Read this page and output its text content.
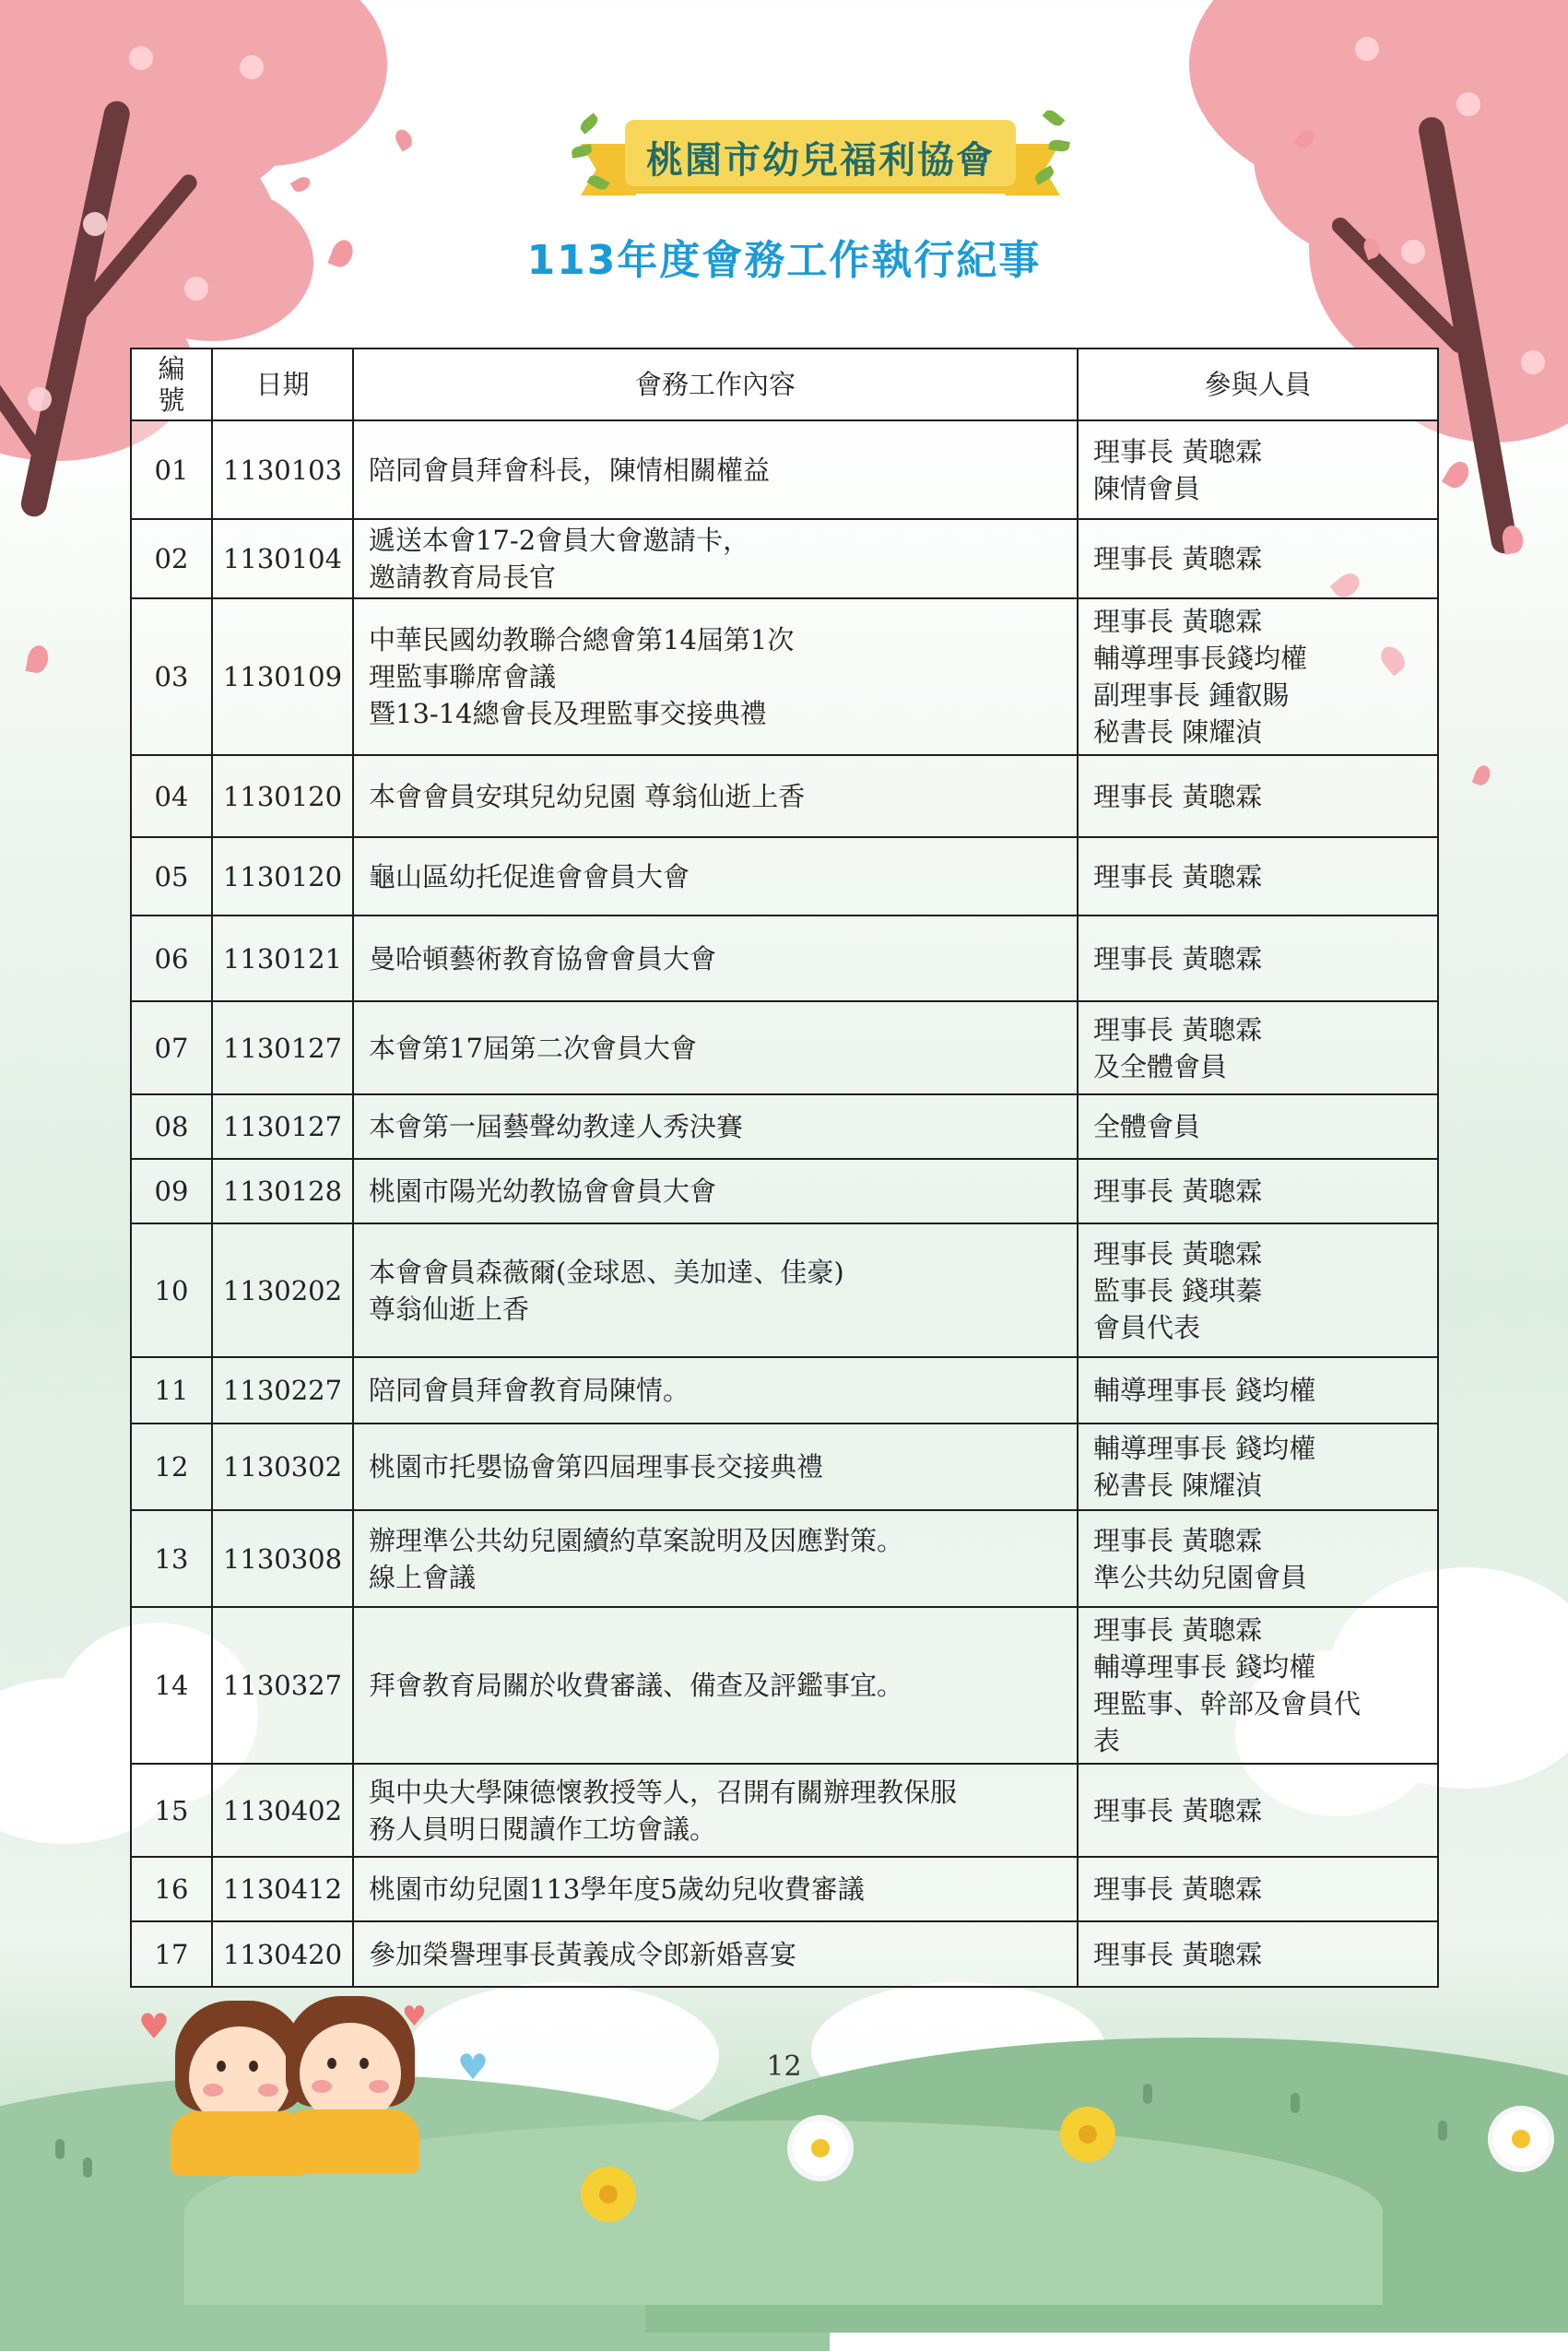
♥	♥
♥
桃園市幼兒福利協會
113年度會務工作執行紀事
編
號	日期	會務工作內容	參與人員
01	1130103	陪同會員拜會科長，陳情相關權益	理事長 黃聰霖
陳情會員

02	1130104	遞送本會17-2會員大會邀請卡，
邀請教育局長官	理事長 黃聰霖

03	1130109	中華民國幼教聯合總會第14屆第1次
理監事聯席會議
暨13-14總會長及理監事交接典禮	理事長 黃聰霖
輔導理事長錢均權
副理事長 鍾叡賜
秘書長 陳耀湞

04	1130120	本會會員安琪兒幼兒園 尊翁仙逝上香	理事長 黃聰霖

05	1130120	龜山區幼托促進會會員大會	理事長 黃聰霖

06	1130121	曼哈頓藝術教育協會會員大會	理事長 黃聰霖

07	1130127	本會第17屆第二次會員大會	理事長 黃聰霖
及全體會員

08	1130127	本會第一屆藝聲幼教達人秀決賽	全體會員

09	1130128	桃園市陽光幼教協會會員大會	理事長 黃聰霖

10	1130202	本會會員森薇爾(金球恩、美加達、佳豪)
尊翁仙逝上香	理事長 黃聰霖
監事長 錢琪蓁
會員代表

11	1130227	陪同會員拜會教育局陳情。	輔導理事長 錢均權

12	1130302	桃園市托嬰協會第四屆理事長交接典禮	輔導理事長 錢均權
秘書長 陳耀湞

13	1130308	辦理準公共幼兒園續約草案說明及因應對策。
線上會議	理事長 黃聰霖
準公共幼兒園會員

14	1130327	拜會教育局關於收費審議、備查及評鑑事宜。	理事長 黃聰霖
輔導理事長 錢均權
理監事、幹部及會員代
表

15	1130402	與中央大學陳德懷教授等人，召開有關辦理教保服
務人員明日閱讀作工坊會議。	理事長 黃聰霖

16	1130412	桃園市幼兒園113學年度5歲幼兒收費審議	理事長 黃聰霖

17	1130420	參加榮譽理事長黃義成令郎新婚喜宴	理事長 黃聰霖
12
